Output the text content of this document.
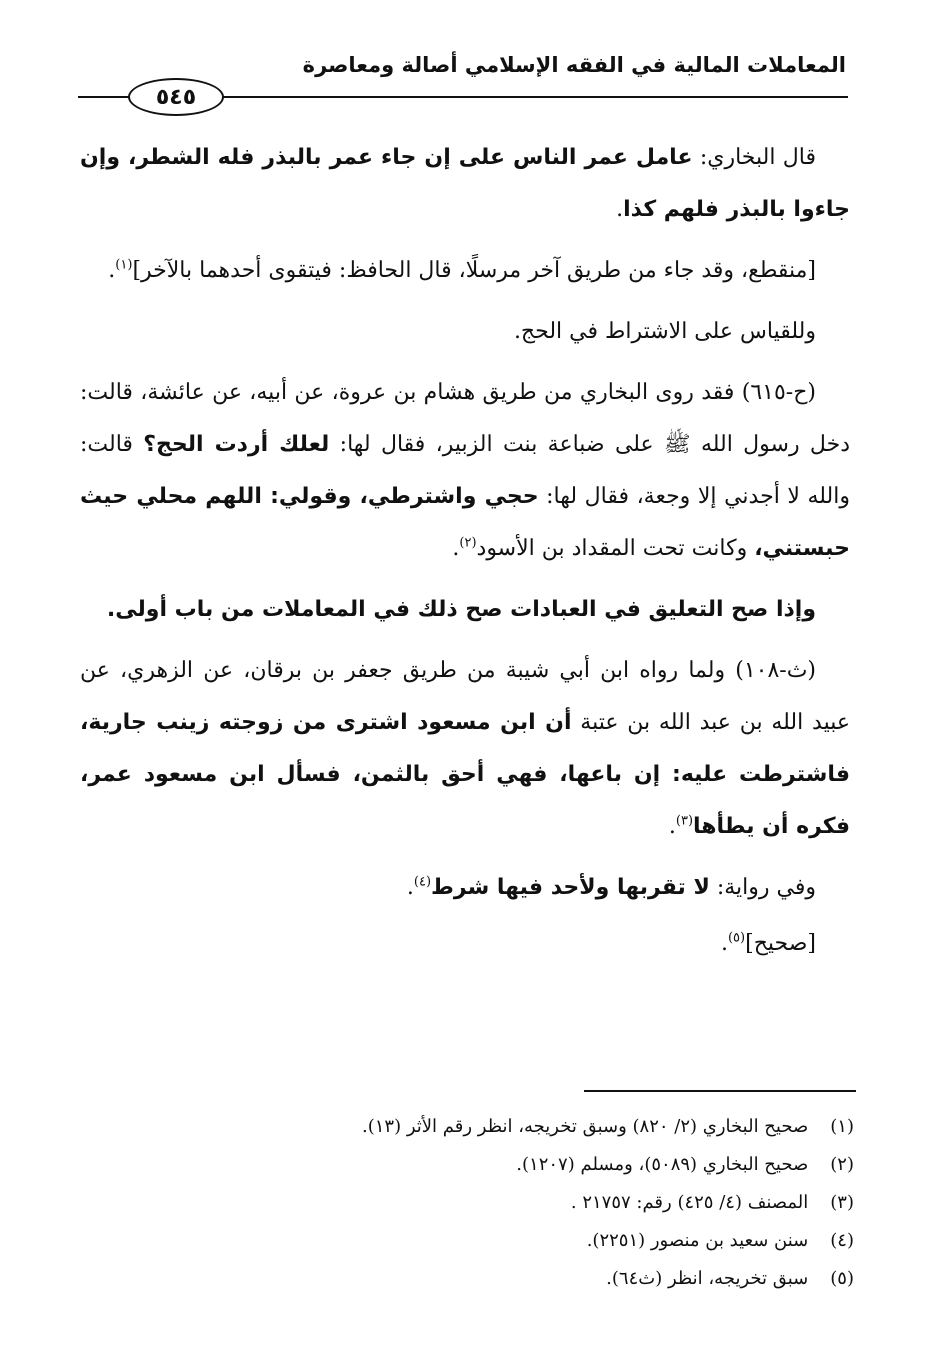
المعاملات المالية في الفقه الإسلامي أصالة ومعاصرة
٥٤٥

قال البخاري: عامل عمر الناس على إن جاء عمر بالبذر فله الشطر، وإن جاءوا بالبذر فلهم كذا.

[منقطع، وقد جاء من طريق آخر مرسلًا، قال الحافظ: فيتقوى أحدهما بالآخر]$^{(١)}$.

وللقياس على الاشتراط في الحج.

(ح-٦١٥) فقد روى البخاري من طريق هشام بن عروة، عن أبيه، عن عائشة، قالت: دخل رسول الله ﷺ على ضباعة بنت الزبير، فقال لها: لعلك أردت الحج؟ قالت: والله لا أجدني إلا وجعة، فقال لها: حجي واشترطي، وقولي: اللهم محلي حيث حبستني، وكانت تحت المقداد بن الأسود$^{(٢)}$.

وإذا صح التعليق في العبادات صح ذلك في المعاملات من باب أولى.

(ث-١٠٨) ولما رواه ابن أبي شيبة من طريق جعفر بن برقان، عن الزهري، عن عبيد الله بن عبد الله بن عتبة أن ابن مسعود اشترى من زوجته زينب جارية، فاشترطت عليه: إن باعها، فهي أحق بالثمن، فسأل ابن مسعود عمر، فكره أن يطأها$^{(٣)}$.

وفي رواية: لا تقربها ولأحد فيها شرط$^{(٤)}$.

[صحيح]$^{(٥)}$.

(١) صحيح البخاري (٢/ ٨٢٠) وسبق تخريجه، انظر رقم الأثر (١٣).

(٢) صحيح البخاري (٥٠٨٩)، ومسلم (١٢٠٧).

(٣) المصنف (٤/ ٤٢٥) رقم: ٢١٧٥٧ .

(٤) سنن سعيد بن منصور (٢٢٥١).

(٥) سبق تخريجه، انظر (ث٦٤).
